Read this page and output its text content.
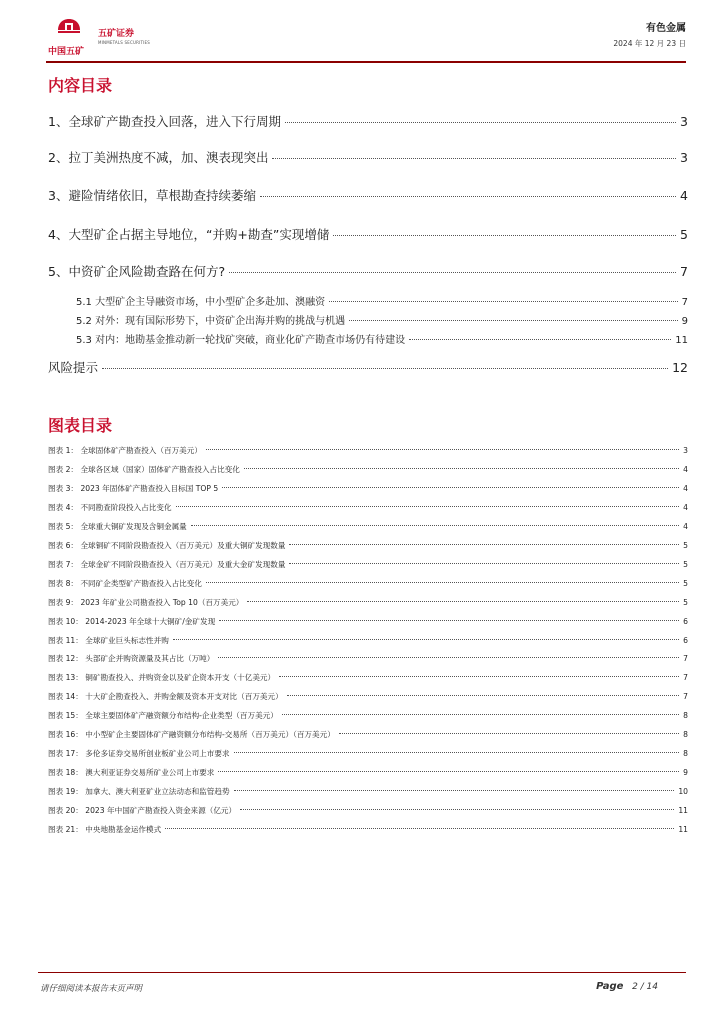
中国五矿
五矿证券
MINMETALS SECURITIES
有色金属
2024 年 12 月 23 日
内容目录
1、全球矿产勘查投入回落，进入下行周期	3
2、拉丁美洲热度不减，加、澳表现突出	3
3、避险情绪依旧，草根勘查持续萎缩	4
4、大型矿企占据主导地位，“并购+勘查”实现增储	5
5、中资矿企风险勘查路在何方?	7
5.1 大型矿企主导融资市场，中小型矿企多赴加、澳融资	7
5.2 对外：现有国际形势下，中资矿企出海并购的挑战与机遇	9
5.3 对内：地勘基金推动新一轮找矿突破，商业化矿产勘查市场仍有待建设	11
风险提示	12
图表目录
图表 1： 全球固体矿产勘查投入（百万美元）	3
图表 2： 全球各区域（国家）固体矿产勘查投入占比变化	4
图表 3： 2023 年固体矿产勘查投入目标国 TOP 5	4
图表 4： 不同勘查阶段投入占比变化	4
图表 5： 全球重大铜矿发现及含铜金属量	4
图表 6： 全球铜矿不同阶段勘查投入（百万美元）及重大铜矿发现数量	5
图表 7： 全球金矿不同阶段勘查投入（百万美元）及重大金矿发现数量	5
图表 8： 不同矿企类型矿产勘查投入占比变化	5
图表 9： 2023 年矿业公司勘查投入 Top 10（百万美元）	5
图表 10： 2014-2023 年全球十大铜矿/金矿发现	6
图表 11： 全球矿业巨头标志性并购	6
图表 12： 头部矿企并购资源量及其占比（万吨）	7
图表 13： 铜矿勘查投入、并购资金以及矿企资本开支（十亿美元）	7
图表 14： 十大矿企勘查投入、并购金额及资本开支对比（百万美元）	7
图表 15： 全球主要固体矿产融资额分布结构-企业类型（百万美元）	8
图表 16： 中小型矿企主要固体矿产融资额分布结构-交易所（百万美元）（百万美元）	8
图表 17： 多伦多证券交易所创业板矿业公司上市要求	8
图表 18： 澳大利亚证券交易所矿业公司上市要求	9
图表 19： 加拿大、澳大利亚矿业立法动态和监管趋势	10
图表 20： 2023 年中国矿产勘查投入资金来源（亿元）	11
图表 21： 中央地勘基金运作模式	11
请仔细阅读本报告末页声明	Page 2 / 14
